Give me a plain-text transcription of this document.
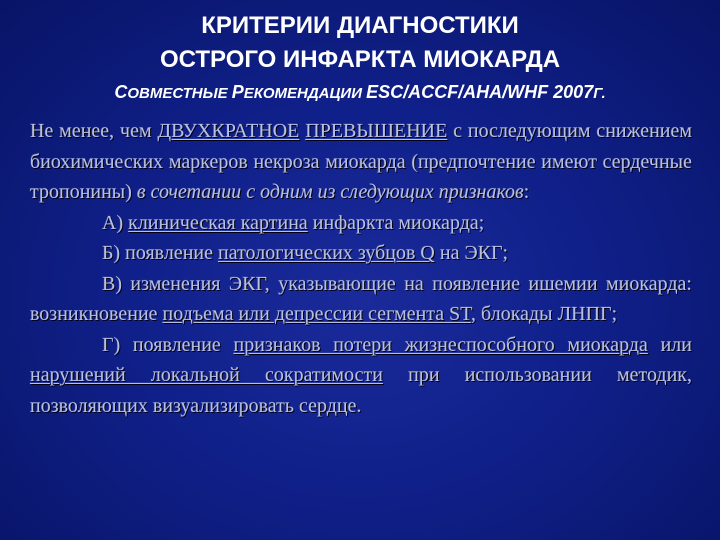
КРИТЕРИИ ДИАГНОСТИКИ
ОСТРОГО ИНФАРКТА МИОКАРДА
СОВМЕСТНЫЕ РЕКОМЕНДАЦИИ ESC/ACCF/AHA/WHF 2007Г.

Не менее, чем ДВУХКРАТНОЕ ПРЕВЫШЕНИЕ с последующим снижением биохимических маркеров некроза миокарда (предпочтение имеют сердечные тропонины) в сочетании с одним из следующих признаков:

А) клиническая картина инфаркта миокарда;

Б) появление патологических зубцов Q на ЭКГ;

В) изменения ЭКГ, указывающие на появление ишемии миокарда: возникновение подъема или депрессии сегмента ST, блокады ЛНПГ;

Г) появление признаков потери жизнеспособного миокарда или нарушений локальной сократимости при использовании методик, позволяющих визуализировать сердце.
